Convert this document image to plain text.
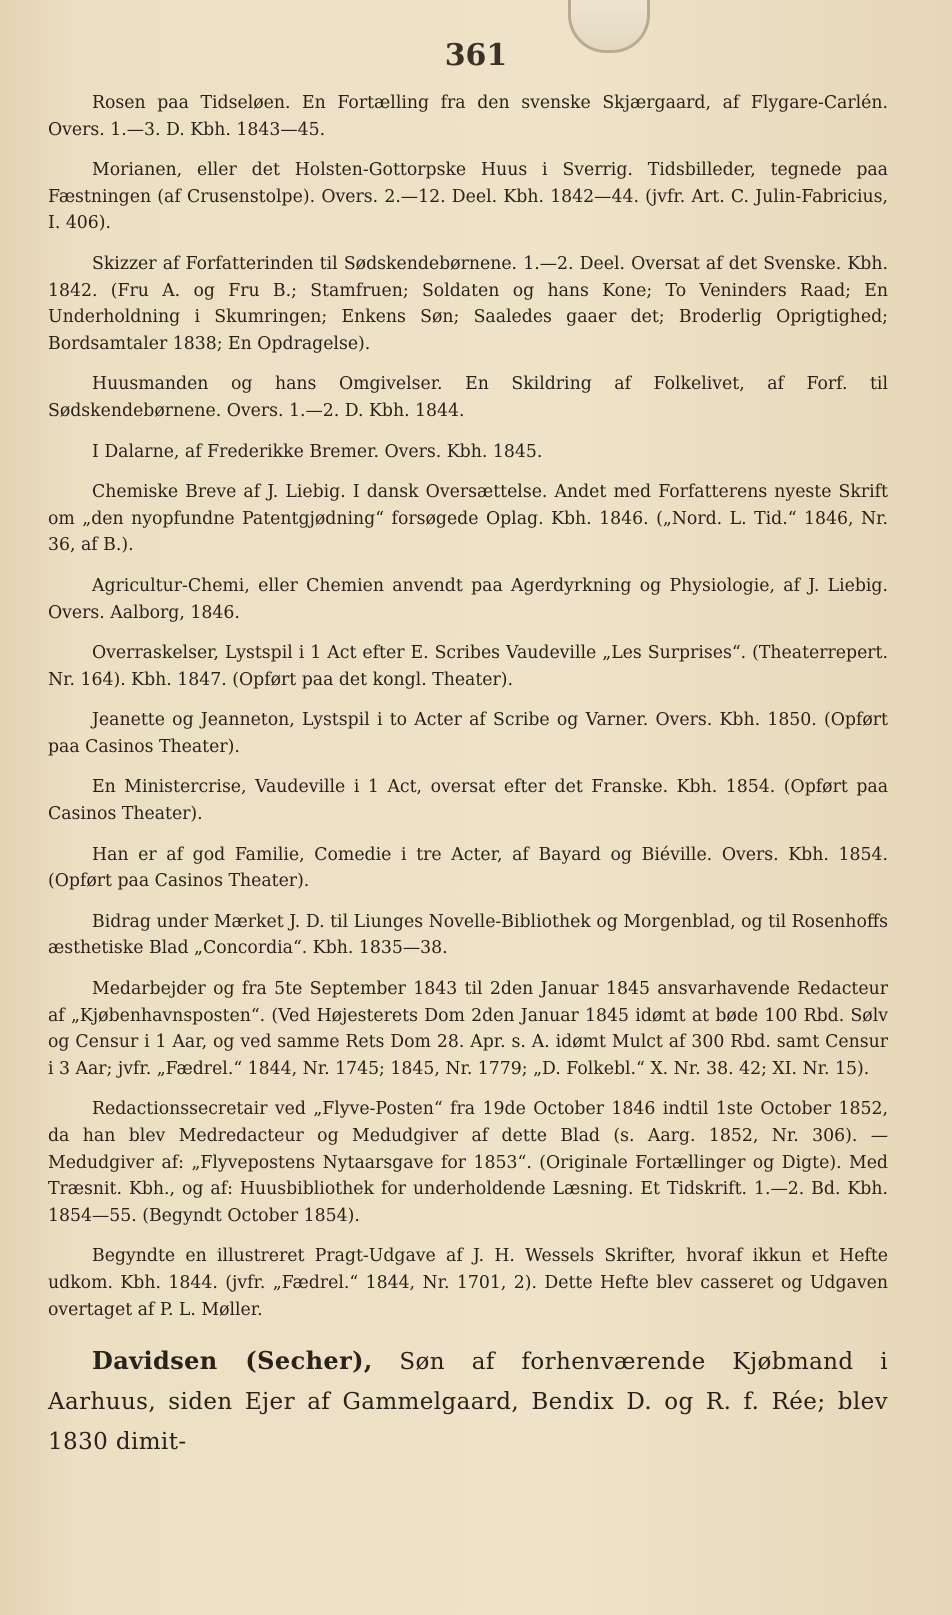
361

Rosen paa Tidseløen. En Fortælling fra den svenske Skjærgaard, af Flygare-Carlén. Overs. 1.—3. D. Kbh. 1843—45.

Morianen, eller det Holsten-Gottorpske Huus i Sverrig. Tidsbilleder, tegnede paa Fæstningen (af Crusenstolpe). Overs. 2.—12. Deel. Kbh. 1842—44. (jvfr. Art. C. Julin-Fabricius, I. 406).

Skizzer af Forfatterinden til Sødskendebørnene. 1.—2. Deel. Oversat af det Svenske. Kbh. 1842. (Fru A. og Fru B.; Stamfruen; Soldaten og hans Kone; To Veninders Raad; En Underholdning i Skumringen; Enkens Søn; Saaledes gaaer det; Broderlig Oprigtighed; Bordsamtaler 1838; En Opdragelse).

Huusmanden og hans Omgivelser. En Skildring af Folkelivet, af Forf. til Sødskendebørnene. Overs. 1.—2. D. Kbh. 1844.

I Dalarne, af Frederikke Bremer. Overs. Kbh. 1845.

Chemiske Breve af J. Liebig. I dansk Oversættelse. Andet med Forfatterens nyeste Skrift om „den nyopfundne Patentgjødning“ forsøgede Oplag. Kbh. 1846. („Nord. L. Tid.“ 1846, Nr. 36, af B.).

Agricultur-Chemi, eller Chemien anvendt paa Agerdyrkning og Physiologie, af J. Liebig. Overs. Aalborg, 1846.

Overraskelser, Lystspil i 1 Act efter E. Scribes Vaudeville „Les Surprises“. (Theaterrepert. Nr. 164). Kbh. 1847. (Opført paa det kongl. Theater).

Jeanette og Jeanneton, Lystspil i to Acter af Scribe og Varner. Overs. Kbh. 1850. (Opført paa Casinos Theater).

En Ministercrise, Vaudeville i 1 Act, oversat efter det Franske. Kbh. 1854. (Opført paa Casinos Theater).

Han er af god Familie, Comedie i tre Acter, af Bayard og Biéville. Overs. Kbh. 1854. (Opført paa Casinos Theater).

Bidrag under Mærket J. D. til Liunges Novelle-Bibliothek og Morgenblad, og til Rosenhoffs æsthetiske Blad „Concordia“. Kbh. 1835—38.

Medarbejder og fra 5te September 1843 til 2den Januar 1845 ansvarhavende Redacteur af „Kjøbenhavnsposten“. (Ved Højesterets Dom 2den Januar 1845 idømt at bøde 100 Rbd. Sølv og Censur i 1 Aar, og ved samme Rets Dom 28. Apr. s. A. idømt Mulct af 300 Rbd. samt Censur i 3 Aar; jvfr. „Fædrel.“ 1844, Nr. 1745; 1845, Nr. 1779; „D. Folkebl.“ X. Nr. 38. 42; XI. Nr. 15).

Redactionssecretair ved „Flyve-Posten“ fra 19de October 1846 indtil 1ste October 1852, da han blev Medredacteur og Medudgiver af dette Blad (s. Aarg. 1852, Nr. 306). — Medudgiver af: „Flyvepostens Nytaarsgave for 1853“. (Originale Fortællinger og Digte). Med Træsnit. Kbh., og af: Huusbibliothek for underholdende Læsning. Et Tidskrift. 1.—2. Bd. Kbh. 1854—55. (Begyndt October 1854).

Begyndte en illustreret Pragt-Udgave af J. H. Wessels Skrifter, hvoraf ikkun et Hefte udkom. Kbh. 1844. (jvfr. „Fædrel.“ 1844, Nr. 1701, 2). Dette Hefte blev casseret og Udgaven overtaget af P. L. Møller.

Davidsen (Secher), Søn af forhenværende Kjøbmand i Aarhuus, siden Ejer af Gammelgaard, Bendix D. og R. f. Rée; blev 1830 dimit-
